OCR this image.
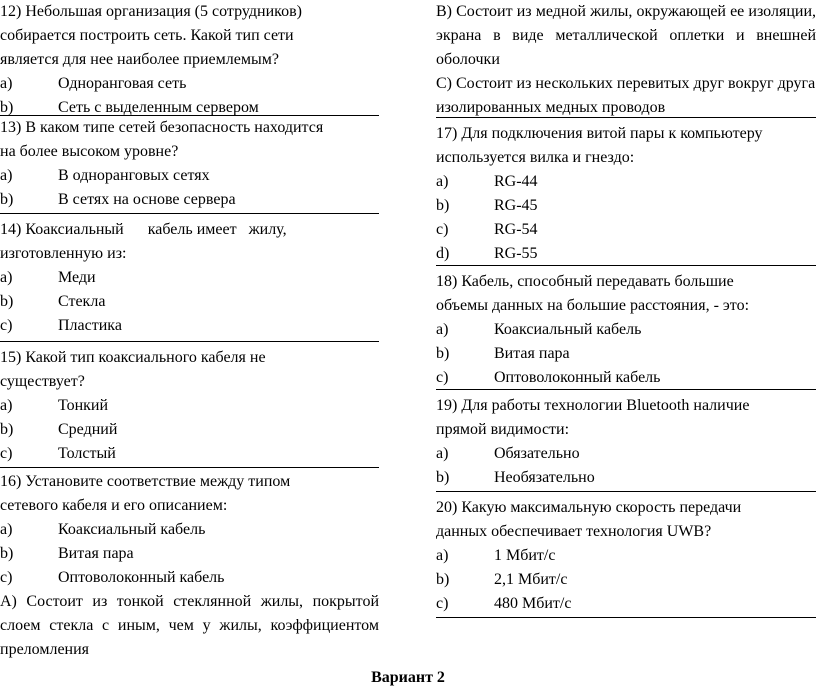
12) Небольшая организация (5 сотрудников)
собирается построить сеть. Какой тип сети
является для нее наиболее приемлемым?
a)	Одноранговая сеть
b)	Сеть с выделенным сервером
13) В каком типе сетей безопасность находится
на более высоком уровне?
a)	В одноранговых сетях
b)	В сетях на основе сервера
14) Коаксиальный      кабель имеет   жилу,
изготовленную из:
a)	Меди
b)	Стекла
c)	Пластика
15) Какой тип коаксиального кабеля не
существует?
a)	Тонкий
b)	Средний
c)	Толстый
16) Установите соответствие между типом
сетевого кабеля и его описанием:
a)	Коаксиальный кабель
b)	Витая пара
c)	Оптоволоконный кабель
А) Состоит из тонкой стеклянной жилы, покрытой слоем стекла с иным, чем у жилы, коэффициентом преломления
В) Состоит из медной жилы, окружающей ее изоляции, экрана в виде металлической оплетки и внешней оболочки
С) Состоит из нескольких перевитых друг вокруг друга изолированных медных проводов
17) Для подключения витой пары к компьютеру
используется вилка и гнездо:
a)	RG-44
b)	RG-45
c)	RG-54
d)	RG-55
18) Кабель, способный передавать большие
объемы данных на большие расстояния, - это:
a)	Коаксиальный кабель
b)	Витая пара
c)	Оптоволоконный кабель
19) Для работы технологии Bluetooth наличие
прямой видимости:
a)	Обязательно
b)	Необязательно
20) Какую максимальную скорость передачи
данных обеспечивает технология UWB?
a)	1 Мбит/с
b)	2,1 Мбит/с
c)	480 Мбит/с
Вариант 2
